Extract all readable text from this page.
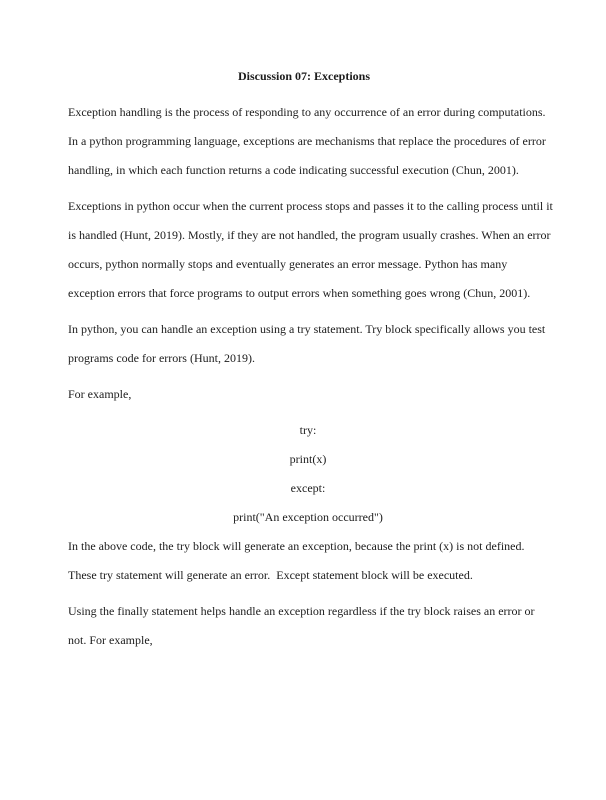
Discussion 07: Exceptions

Exception handling is the process of responding to any occurrence of an error during computations. In a python programming language, exceptions are mechanisms that replace the procedures of error handling, in which each function returns a code indicating successful execution (Chun, 2001).

Exceptions in python occur when the current process stops and passes it to the calling process until it is handled (Hunt, 2019). Mostly, if they are not handled, the program usually crashes. When an error occurs, python normally stops and eventually generates an error message. Python has many exception errors that force programs to output errors when something goes wrong (Chun, 2001).

In python, you can handle an exception using a try statement. Try block specifically allows you test programs code for errors (Hunt, 2019).

For example,

try:

print(x)

except:

print("An exception occurred")

In the above code, the try block will generate an exception, because the print (x) is not defined. These try statement will generate an error.  Except statement block will be executed.

Using the finally statement helps handle an exception regardless if the try block raises an error or not. For example,
